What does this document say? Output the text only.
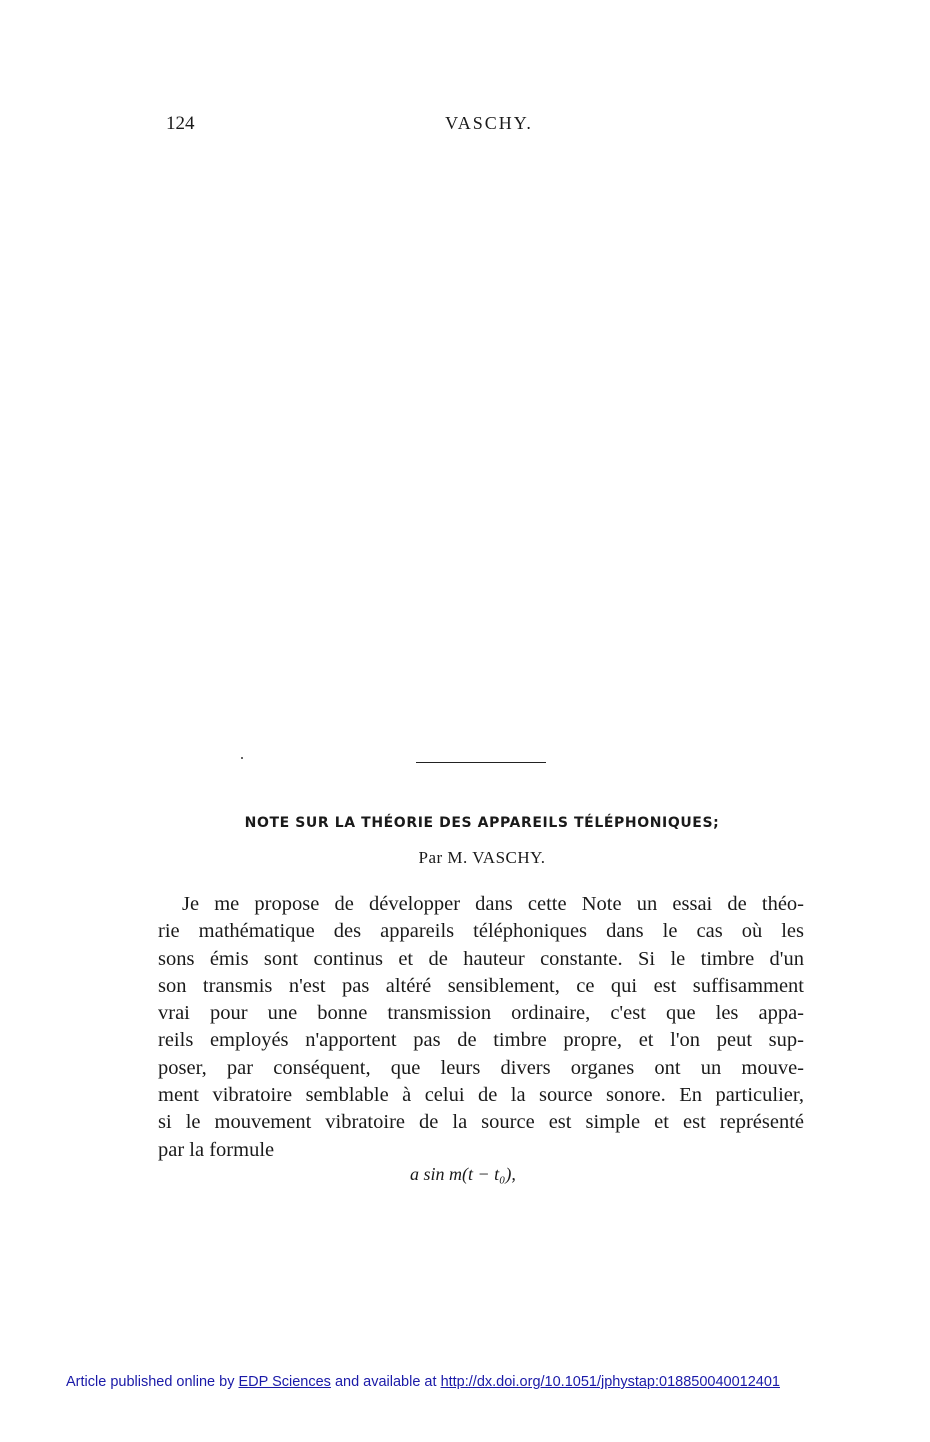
124	VASCHY.
NOTE SUR LA THÉORIE DES APPAREILS TÉLÉPHONIQUES;
Par M. VASCHY.
Je me propose de développer dans cette Note un essai de théo-
rie mathématique des appareils téléphoniques dans le cas où les
sons émis sont continus et de hauteur constante. Si le timbre d'un
son transmis n'est pas altéré sensiblement, ce qui est suffisamment
vrai pour une bonne transmission ordinaire, c'est que les appa-
reils employés n'apportent pas de timbre propre, et l'on peut sup-
poser, par conséquent, que leurs divers organes ont un mouve-
ment vibratoire semblable à celui de la source sonore. En particulier,
si le mouvement vibratoire de la source est simple et est représenté
par la formule
a sin m(t − t₀),
Article published online by EDP Sciences and available at http://dx.doi.org/10.1051/jphystap:018850040012401
